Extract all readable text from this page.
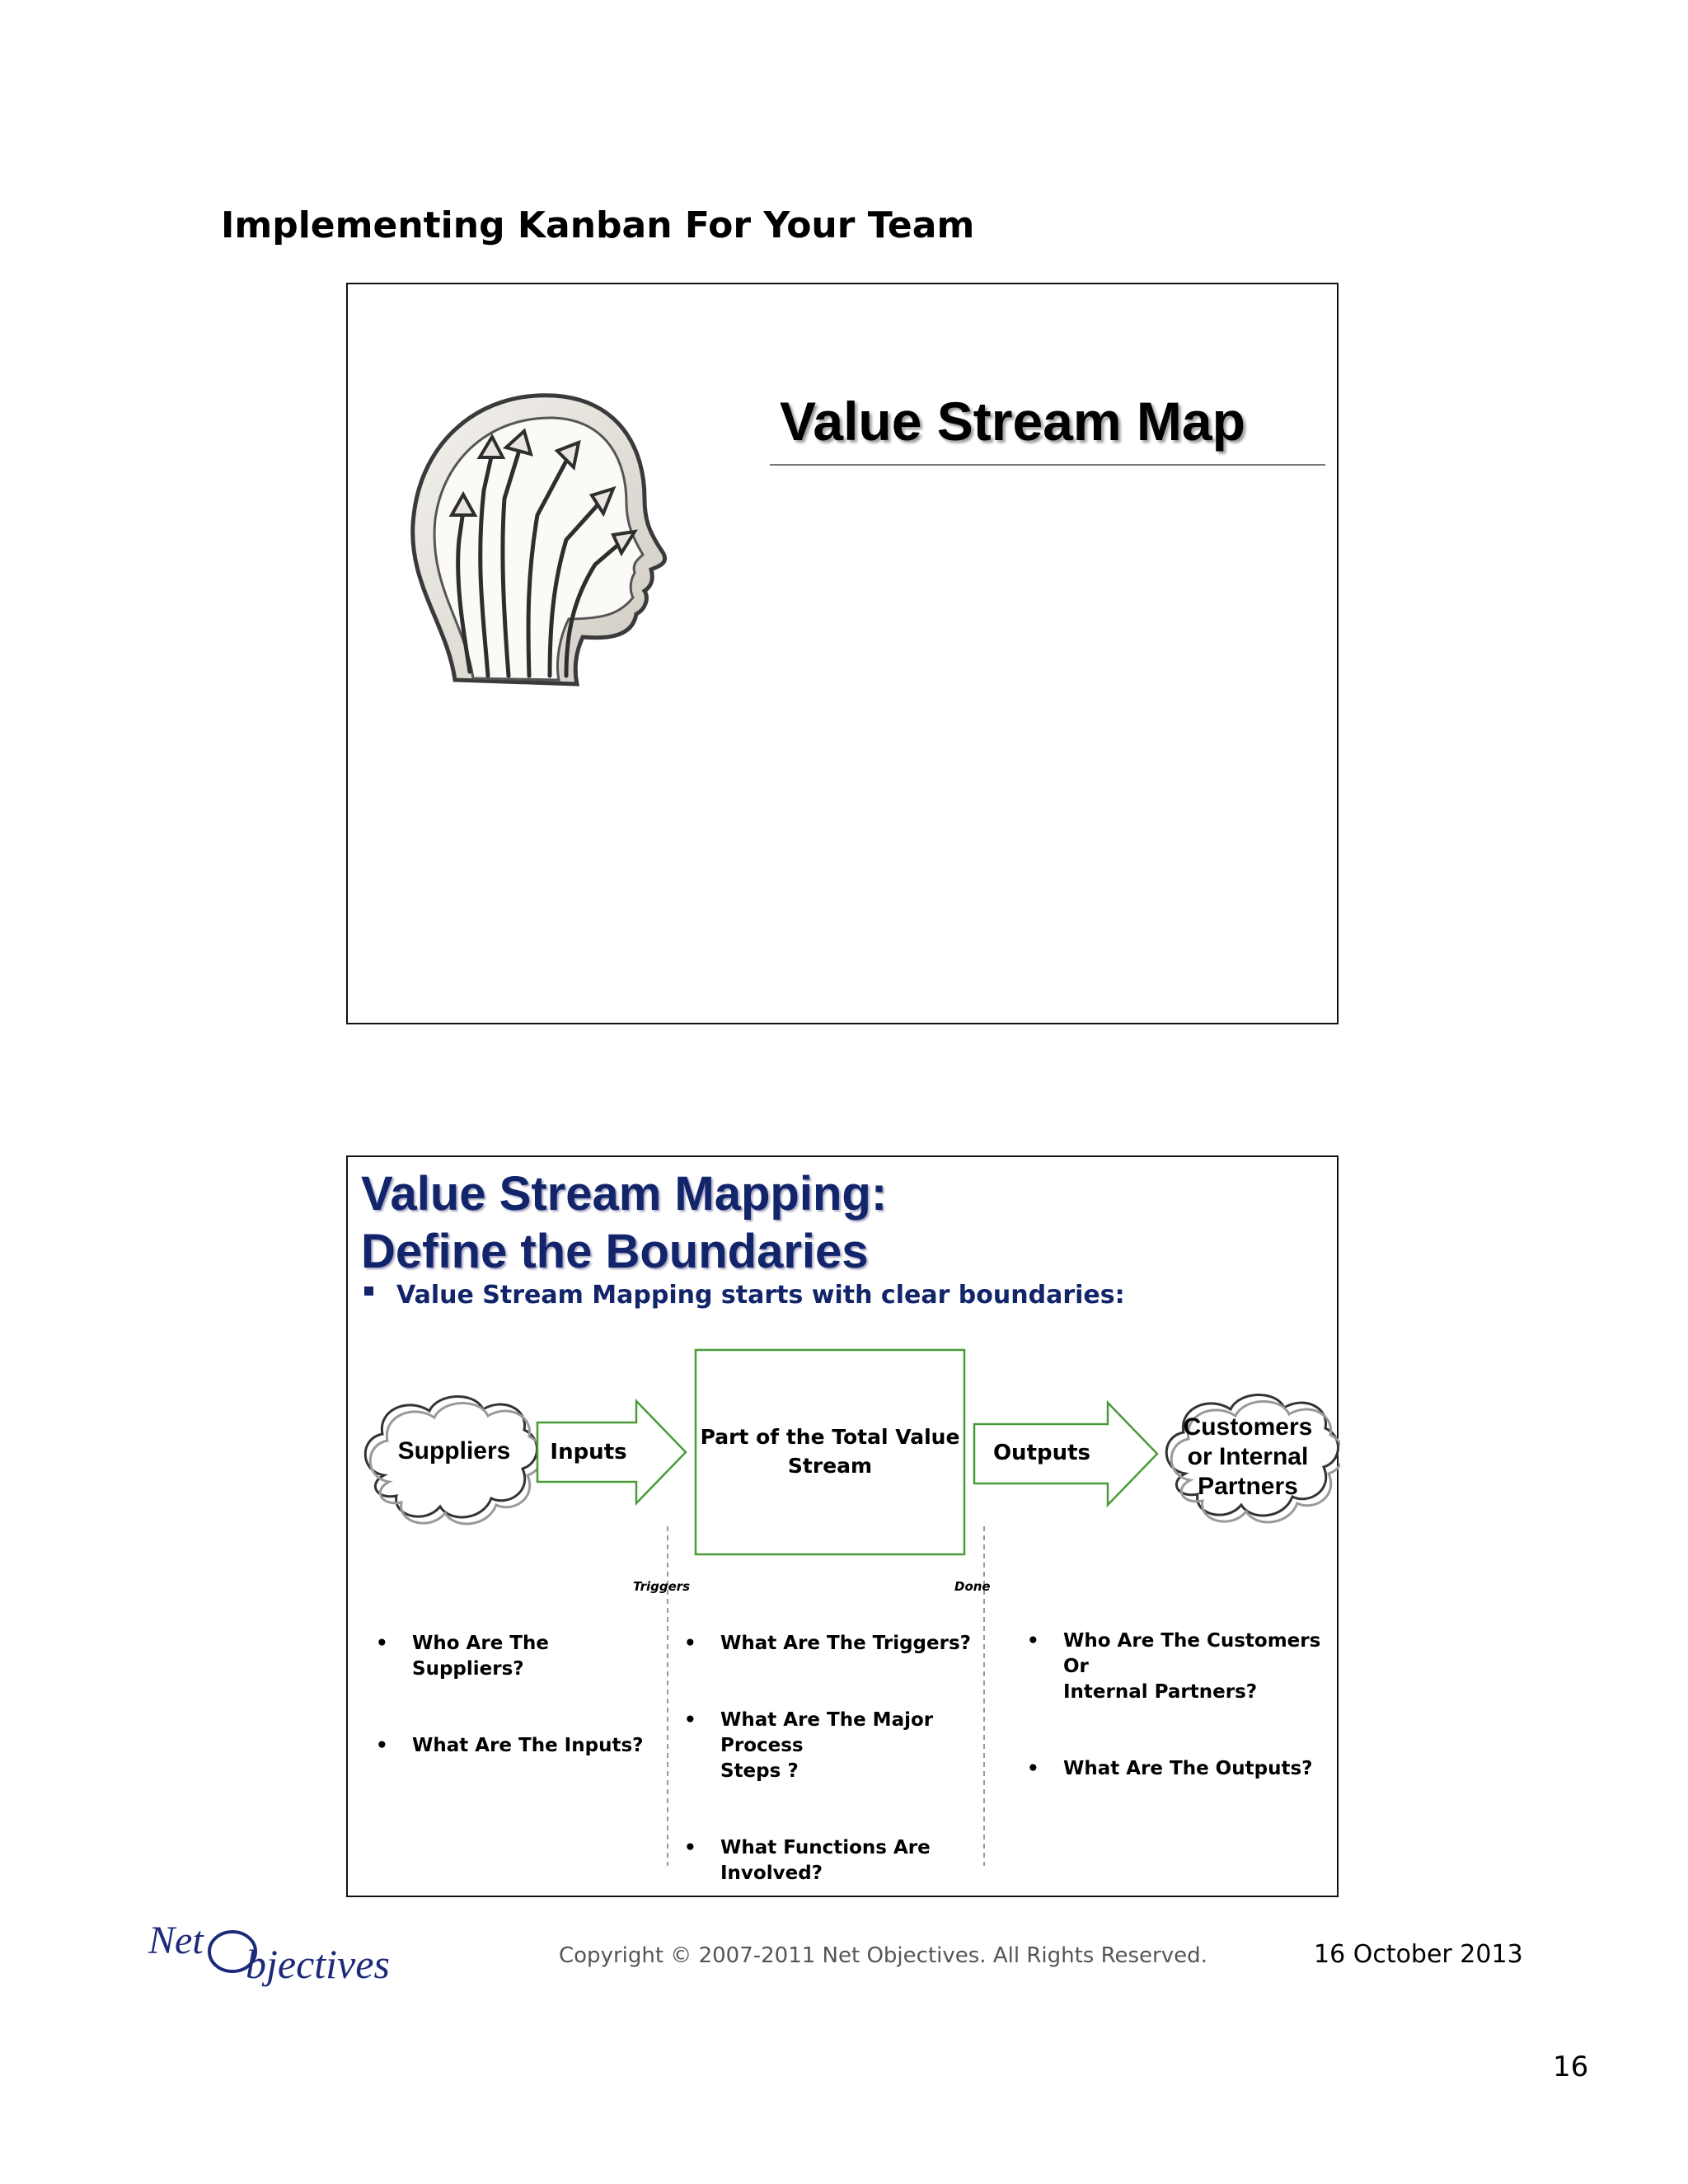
Implementing Kanban For Your Team
Value Stream Map
Value Stream Mapping:
Define the Boundaries
Value Stream Mapping starts with clear boundaries:
Suppliers	Inputs
Part of the Total Value
Stream
Outputs
Customers
or Internal
Partners
Triggers	Done
• Who Are The Suppliers?
• What Are The Inputs?
• What Are The Triggers?
• What Are The Major Process
Steps ?
• What Functions Are Involved?
• Who Are The Customers Or
Internal Partners?
• What Are The Outputs?
Net
bjectives	Copyright © 2007-2011 Net Objectives. All Rights Reserved.	16 October 2013
16
